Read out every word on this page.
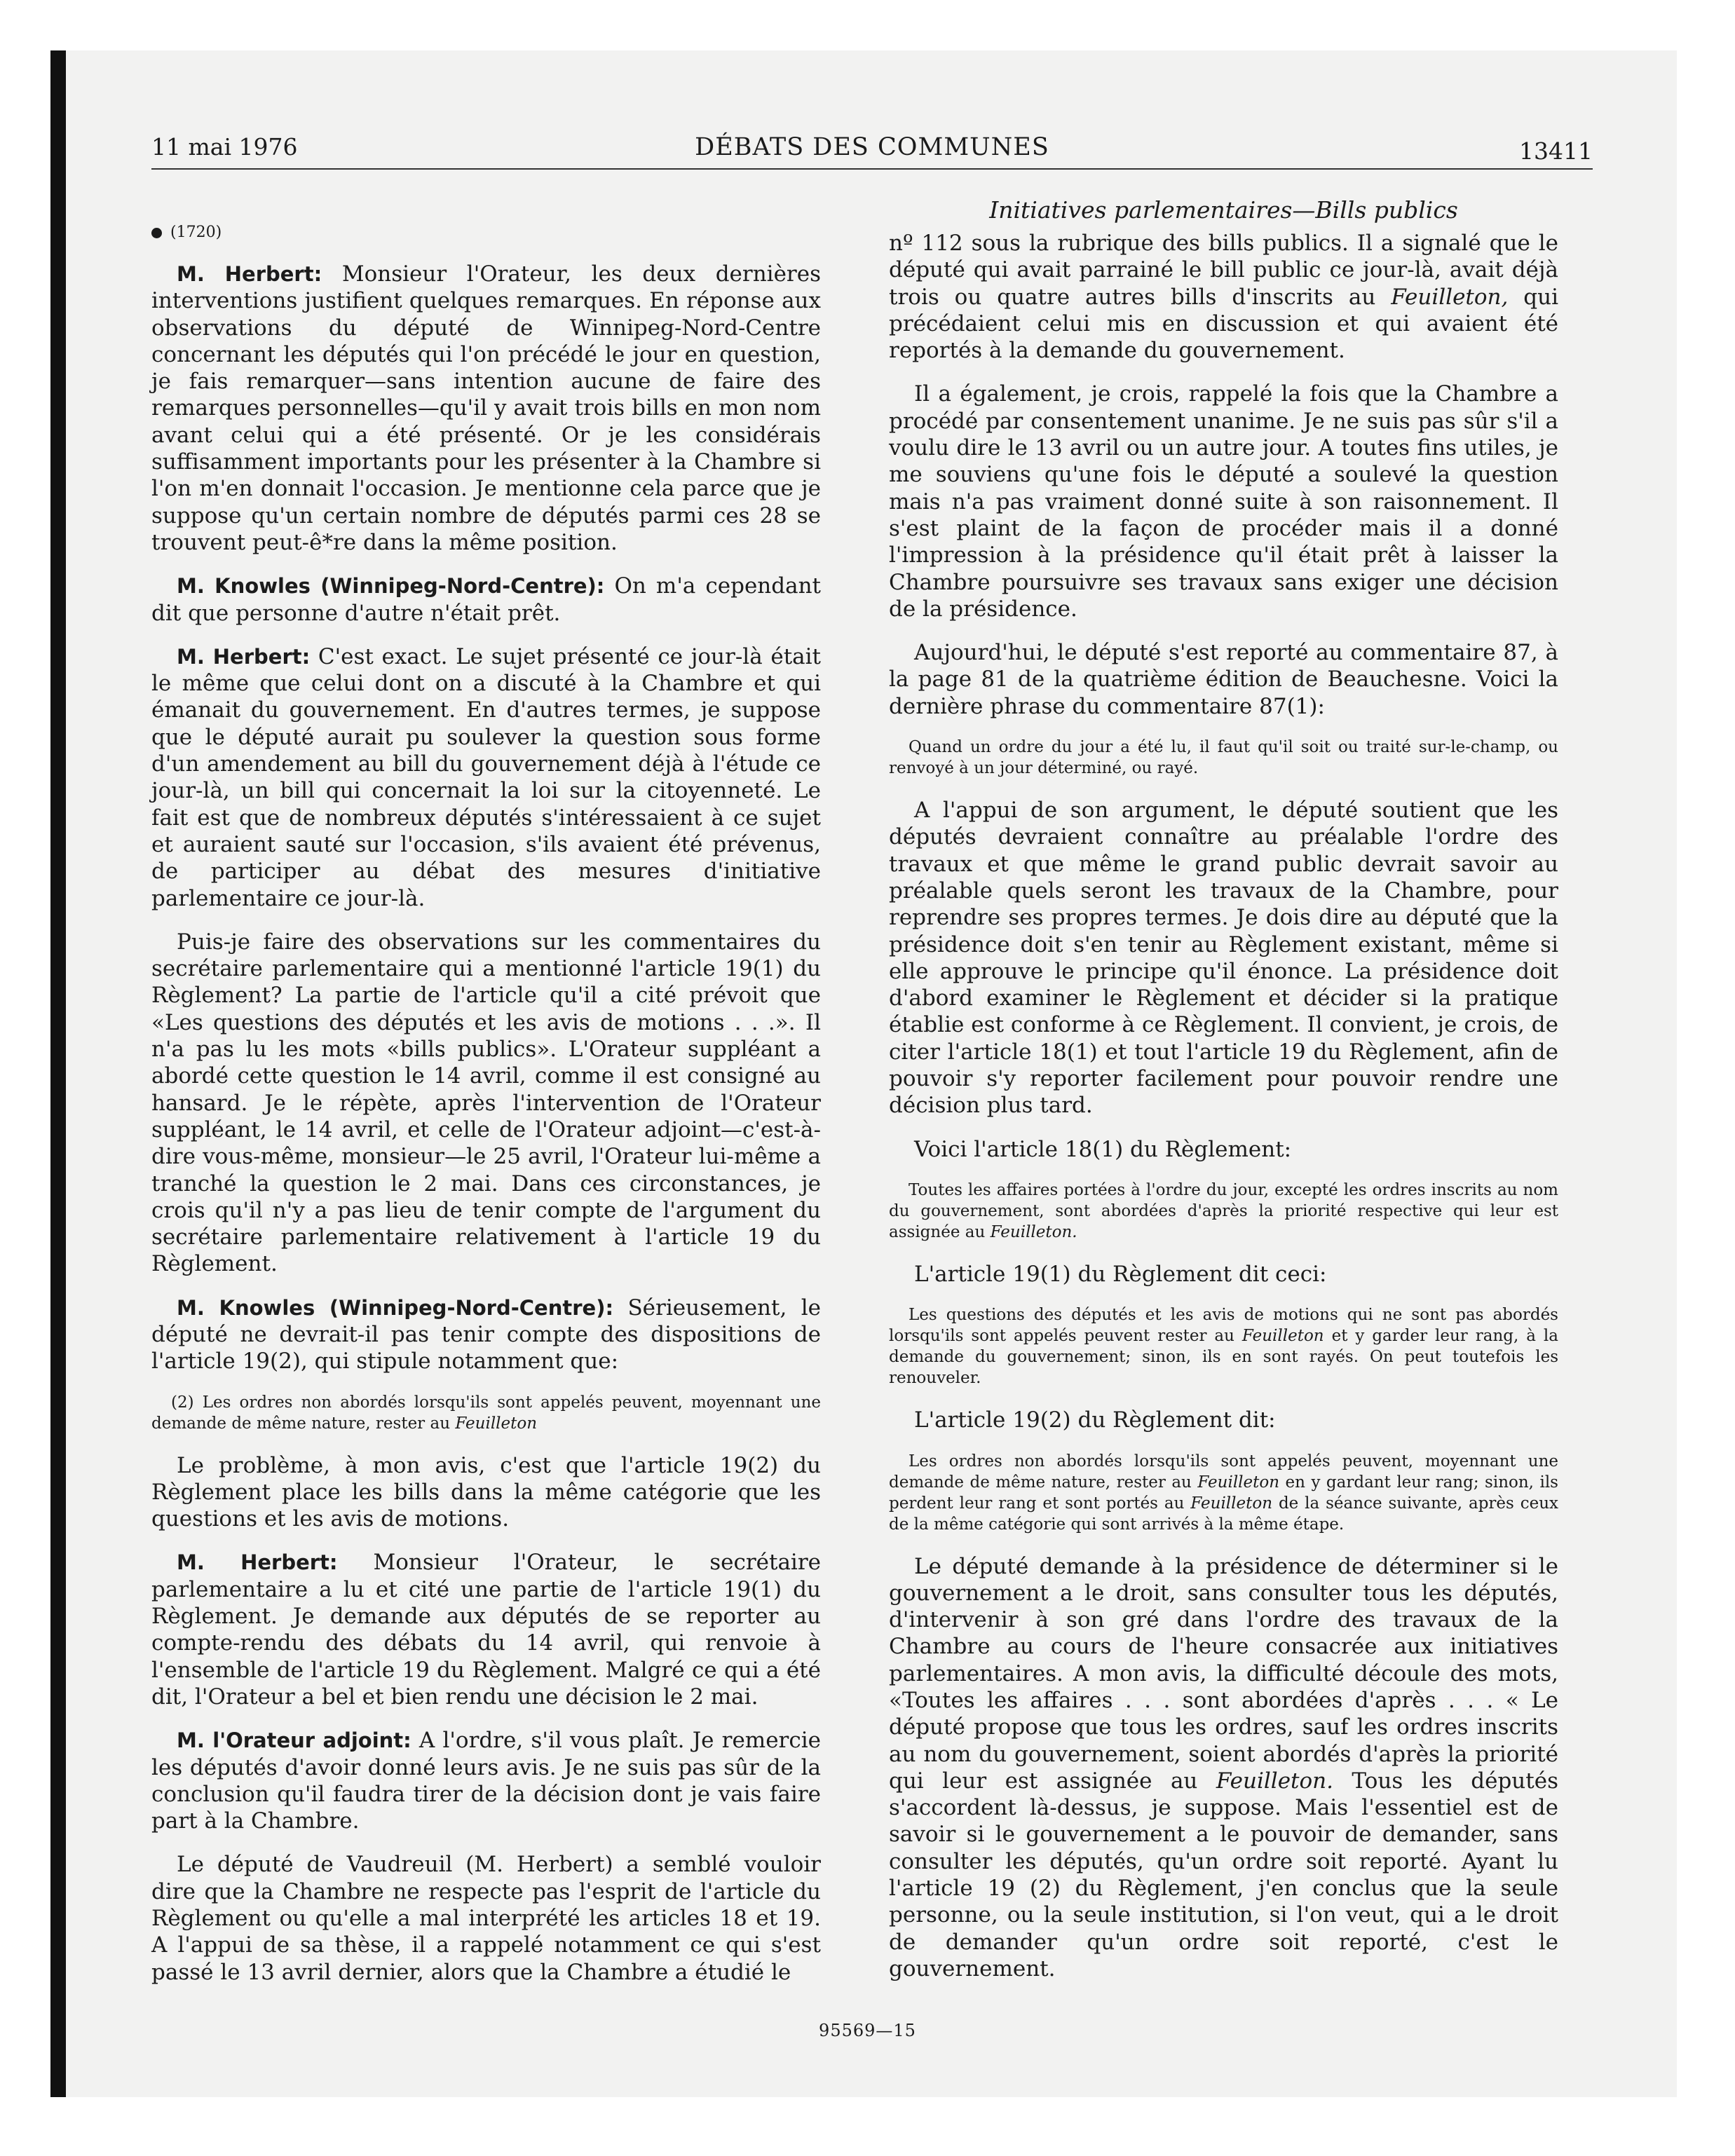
11 mai 1976	DÉBATS DES COMMUNES	13411
(1720)

M. Herbert: Monsieur l'Orateur, les deux dernières interventions justifient quelques remarques. En réponse aux observations du député de Winnipeg-Nord-Centre concernant les députés qui l'on précédé le jour en question, je fais remarquer—sans intention aucune de faire des remarques personnelles—qu'il y avait trois bills en mon nom avant celui qui a été présenté. Or je les considérais suffisamment importants pour les présenter à la Chambre si l'on m'en donnait l'occasion. Je mentionne cela parce que je suppose qu'un certain nombre de députés parmi ces 28 se trouvent peut-ê*re dans la même position.

M. Knowles (Winnipeg-Nord-Centre): On m'a cependant dit que personne d'autre n'était prêt.

M. Herbert: C'est exact. Le sujet présenté ce jour-là était le même que celui dont on a discuté à la Chambre et qui émanait du gouvernement. En d'autres termes, je suppose que le député aurait pu soulever la question sous forme d'un amendement au bill du gouvernement déjà à l'étude ce jour-là, un bill qui concernait la loi sur la citoyenneté. Le fait est que de nombreux députés s'intéressaient à ce sujet et auraient sauté sur l'occasion, s'ils avaient été prévenus, de participer au débat des mesures d'initiative parlementaire ce jour-là.

Puis-je faire des observations sur les commentaires du secrétaire parlementaire qui a mentionné l'article 19(1) du Règlement? La partie de l'article qu'il a cité prévoit que «Les questions des députés et les avis de motions . . .». Il n'a pas lu les mots «bills publics». L'Orateur suppléant a abordé cette question le 14 avril, comme il est consigné au hansard. Je le répète, après l'intervention de l'Orateur suppléant, le 14 avril, et celle de l'Orateur adjoint—c'est-à-dire vous-même, monsieur—le 25 avril, l'Orateur lui-même a tranché la question le 2 mai. Dans ces circonstances, je crois qu'il n'y a pas lieu de tenir compte de l'argument du secrétaire parlementaire relativement à l'article 19 du Règlement.

M. Knowles (Winnipeg-Nord-Centre): Sérieusement, le député ne devrait-il pas tenir compte des dispositions de l'article 19(2), qui stipule notamment que:

(2) Les ordres non abordés lorsqu'ils sont appelés peuvent, moyennant une demande de même nature, rester au Feuilleton

Le problème, à mon avis, c'est que l'article 19(2) du Règlement place les bills dans la même catégorie que les questions et les avis de motions.

M. Herbert: Monsieur l'Orateur, le secrétaire parlementaire a lu et cité une partie de l'article 19(1) du Règlement. Je demande aux députés de se reporter au compte-rendu des débats du 14 avril, qui renvoie à l'ensemble de l'article 19 du Règlement. Malgré ce qui a été dit, l'Orateur a bel et bien rendu une décision le 2 mai.

M. l'Orateur adjoint: A l'ordre, s'il vous plaît. Je remercie les députés d'avoir donné leurs avis. Je ne suis pas sûr de la conclusion qu'il faudra tirer de la décision dont je vais faire part à la Chambre.

Le député de Vaudreuil (M. Herbert) a semblé vouloir dire que la Chambre ne respecte pas l'esprit de l'article du Règlement ou qu'elle a mal interprété les articles 18 et 19. A l'appui de sa thèse, il a rappelé notamment ce qui s'est passé le 13 avril dernier, alors que la Chambre a étudié le

Initiatives parlementaires—Bills publics

nº 112 sous la rubrique des bills publics. Il a signalé que le député qui avait parrainé le bill public ce jour-là, avait déjà trois ou quatre autres bills d'inscrits au Feuilleton, qui précédaient celui mis en discussion et qui avaient été reportés à la demande du gouvernement.

Il a également, je crois, rappelé la fois que la Chambre a procédé par consentement unanime. Je ne suis pas sûr s'il a voulu dire le 13 avril ou un autre jour. A toutes fins utiles, je me souviens qu'une fois le député a soulevé la question mais n'a pas vraiment donné suite à son raisonnement. Il s'est plaint de la façon de procéder mais il a donné l'impression à la présidence qu'il était prêt à laisser la Chambre poursuivre ses travaux sans exiger une décision de la présidence.

Aujourd'hui, le député s'est reporté au commentaire 87, à la page 81 de la quatrième édition de Beauchesne. Voici la dernière phrase du commentaire 87(1):

Quand un ordre du jour a été lu, il faut qu'il soit ou traité sur-le-champ, ou renvoyé à un jour déterminé, ou rayé.

A l'appui de son argument, le député soutient que les députés devraient connaître au préalable l'ordre des travaux et que même le grand public devrait savoir au préalable quels seront les travaux de la Chambre, pour reprendre ses propres termes. Je dois dire au député que la présidence doit s'en tenir au Règlement existant, même si elle approuve le principe qu'il énonce. La présidence doit d'abord examiner le Règlement et décider si la pratique établie est conforme à ce Règlement. Il convient, je crois, de citer l'article 18(1) et tout l'article 19 du Règlement, afin de pouvoir s'y reporter facilement pour pouvoir rendre une décision plus tard.

Voici l'article 18(1) du Règlement:

Toutes les affaires portées à l'ordre du jour, excepté les ordres inscrits au nom du gouvernement, sont abordées d'après la priorité respective qui leur est assignée au Feuilleton.

L'article 19(1) du Règlement dit ceci:

Les questions des députés et les avis de motions qui ne sont pas abordés lorsqu'ils sont appelés peuvent rester au Feuilleton et y garder leur rang, à la demande du gouvernement; sinon, ils en sont rayés. On peut toutefois les renouveler.

L'article 19(2) du Règlement dit:

Les ordres non abordés lorsqu'ils sont appelés peuvent, moyennant une demande de même nature, rester au Feuilleton en y gardant leur rang; sinon, ils perdent leur rang et sont portés au Feuilleton de la séance suivante, après ceux de la même catégorie qui sont arrivés à la même étape.

Le député demande à la présidence de déterminer si le gouvernement a le droit, sans consulter tous les députés, d'intervenir à son gré dans l'ordre des travaux de la Chambre au cours de l'heure consacrée aux initiatives parlementaires. A mon avis, la difficulté découle des mots, «Toutes les affaires . . . sont abordées d'après . . . « Le député propose que tous les ordres, sauf les ordres inscrits au nom du gouvernement, soient abordés d'après la priorité qui leur est assignée au Feuilleton. Tous les députés s'accordent là-dessus, je suppose. Mais l'essentiel est de savoir si le gouvernement a le pouvoir de demander, sans consulter les députés, qu'un ordre soit reporté. Ayant lu l'article 19 (2) du Règlement, j'en conclus que la seule personne, ou la seule institution, si l'on veut, qui a le droit de demander qu'un ordre soit reporté, c'est le gouvernement.

95569—15
